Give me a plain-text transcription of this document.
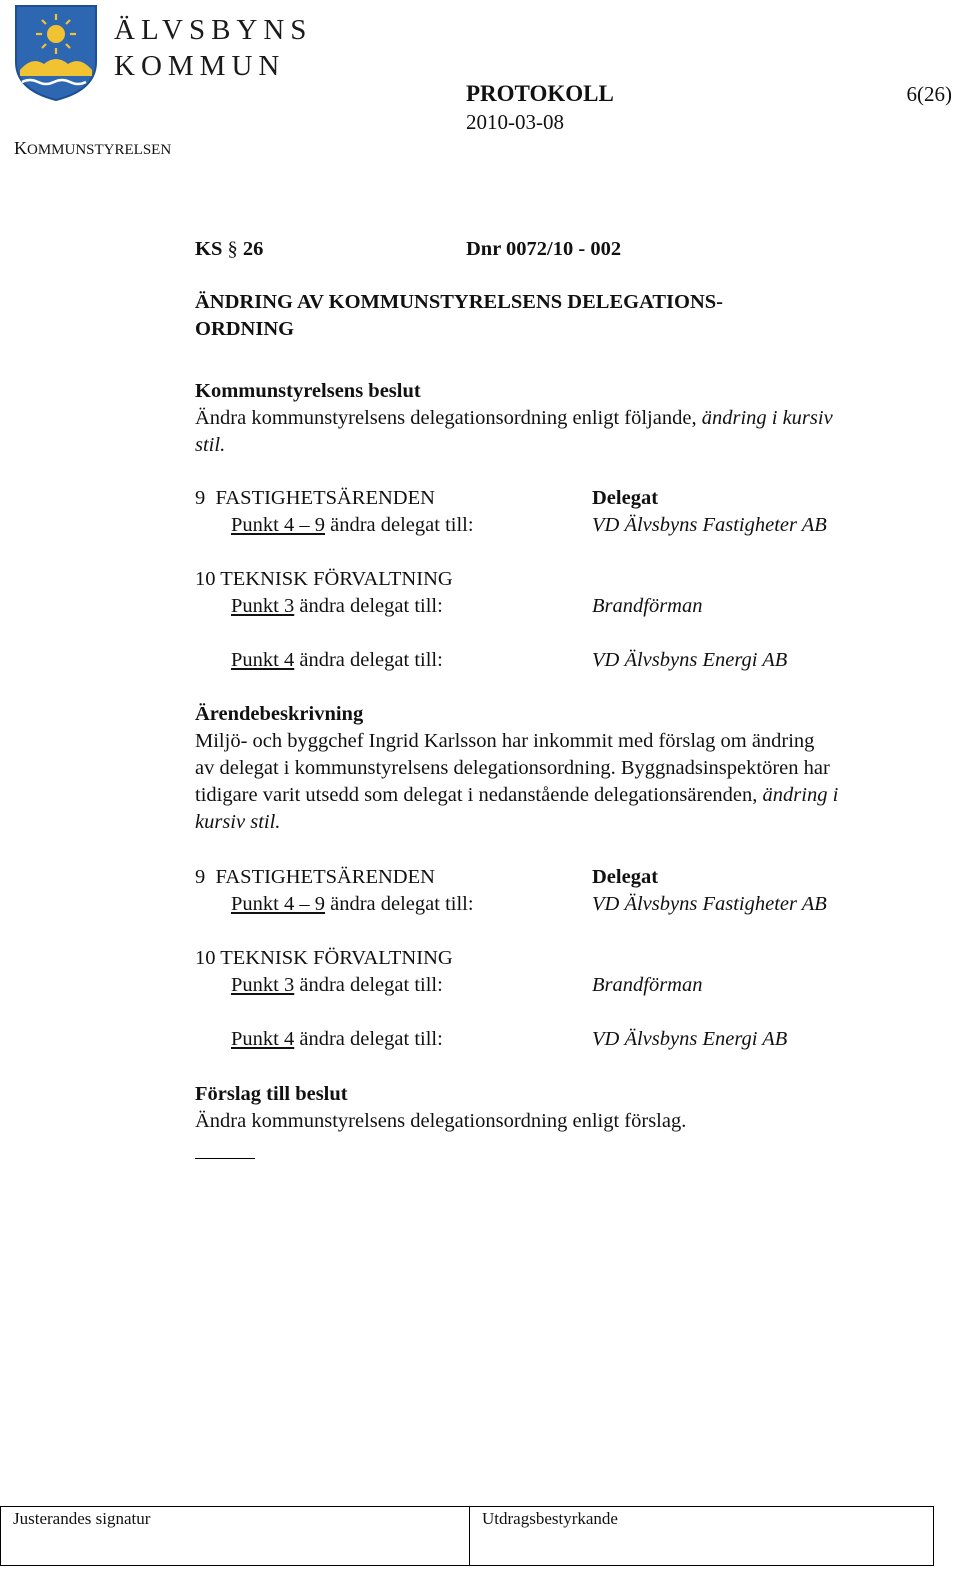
ÄLVSBYNS
KOMMUN
KOMMUNSTYRELSEN
PROTOKOLL
2010-03-08
6(26)
KS § 26	Dnr 0072/10 - 002
ÄNDRING AV KOMMUNSTYRELSENS DELEGATIONS-
ORDNING
Kommunstyrelsens beslut
Ändra kommunstyrelsens delegationsordning enligt följande, ändring i kursiv
stil.
9 FASTIGHETSÄRENDEN	Delegat
Punkt 4 – 9 ändra delegat till:	VD Älvsbyns Fastigheter AB
10 TEKNISK FÖRVALTNING
Punkt 3 ändra delegat till:	Brandförman
Punkt 4 ändra delegat till:	VD Älvsbyns Energi AB
Ärendebeskrivning
Miljö- och byggchef Ingrid Karlsson har inkommit med förslag om ändring
av delegat i kommunstyrelsens delegationsordning. Byggnadsinspektören har
tidigare varit utsedd som delegat i nedanstående delegationsärenden, ändring i
kursiv stil.
9 FASTIGHETSÄRENDEN	Delegat
Punkt 4 – 9 ändra delegat till:	VD Älvsbyns Fastigheter AB
10 TEKNISK FÖRVALTNING
Punkt 3 ändra delegat till:	Brandförman
Punkt 4 ändra delegat till:	VD Älvsbyns Energi AB
Förslag till beslut
Ändra kommunstyrelsens delegationsordning enligt förslag.
Justerandes signatur	Utdragsbestyrkande
